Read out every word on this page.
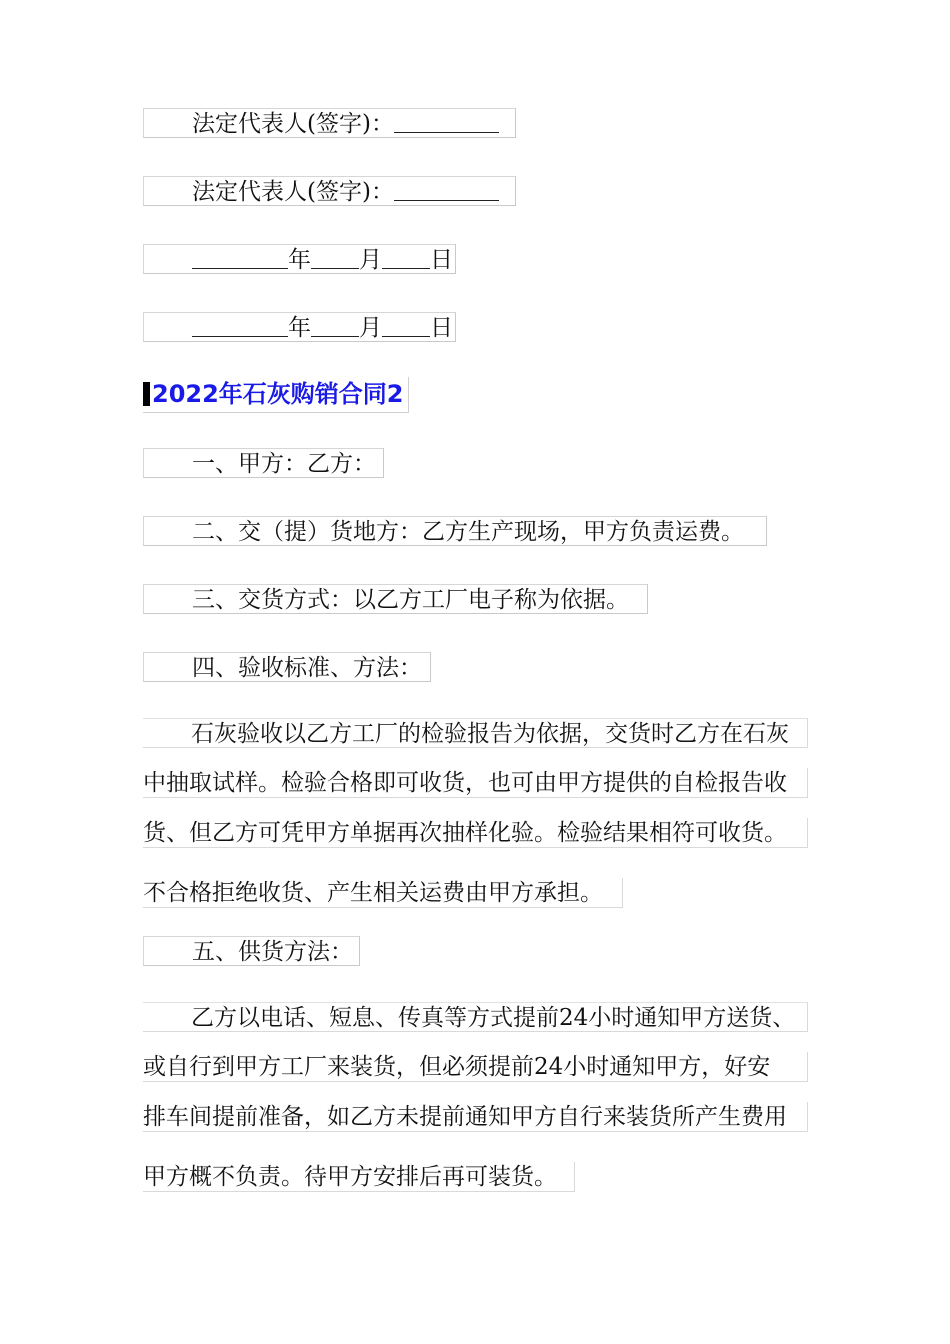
法定代表人(签字)：
法定代表人(签字)：
年 月 日
年 月 日
2022年石灰购销合同2
一、甲方：乙方：
二、交（提）货地方：乙方生产现场，甲方负责运费。
三、交货方式：以乙方工厂电子称为依据。
四、验收标准、方法：
石灰验收以乙方工厂的检验报告为依据，交货时乙方在石灰
中抽取试样。检验合格即可收货，也可由甲方提供的自检报告收
货、但乙方可凭甲方单据再次抽样化验。检验结果相符可收货。
不合格拒绝收货、产生相关运费由甲方承担。
五、供货方法：
乙方以电话、短息、传真等方式提前24小时通知甲方送货、
或自行到甲方工厂来装货，但必须提前24小时通知甲方，好安
排车间提前准备，如乙方未提前通知甲方自行来装货所产生费用
甲方概不负责。待甲方安排后再可装货。
